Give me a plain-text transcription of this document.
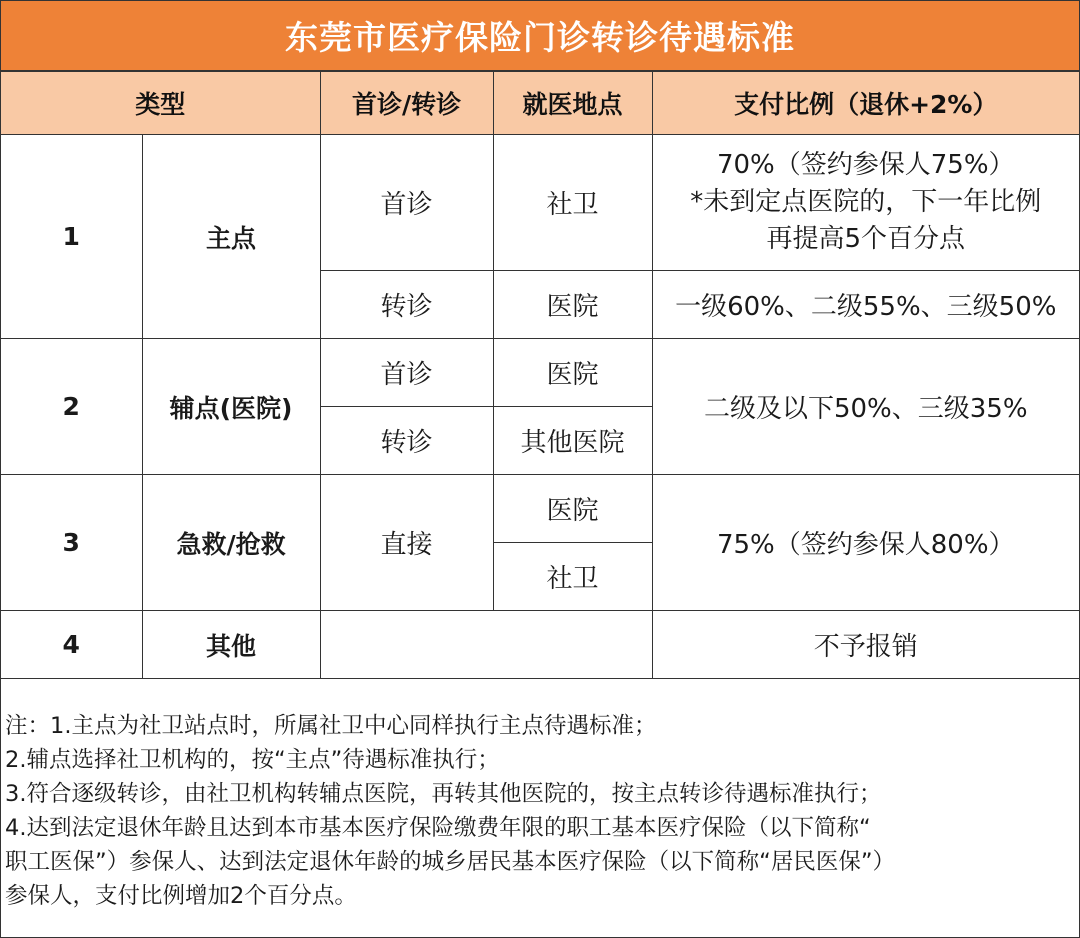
东莞市医疗保险门诊转诊待遇标准
类型		首诊/转诊	就医地点	支付比例（退休+2%）
1	主点	首诊	社卫	70%（签约参保人75%）
*未到定点医院的，下一年比例
再提高5个百分点

		转诊	医院	一级60%、二级55%、三级50%
2	辅点(医院)	首诊	医院	二级及以下50%、三级35%
		转诊	其他医院	
3	急救/抢救	直接	医院	75%（签约参保人80%）
			社卫	
4	其他			不予报销

注：1.主点为社卫站点时，所属社卫中心同样执行主点待遇标准；

2.辅点选择社卫机构的，按“主点”待遇标准执行；

3.符合逐级转诊，由社卫机构转辅点医院，再转其他医院的，按主点转诊待遇标准执行；

4.达到法定退休年龄且达到本市基本医疗保险缴费年限的职工基本医疗保险（以下简称“

职工医保”）参保人、达到法定退休年龄的城乡居民基本医疗保险（以下简称“居民医保”）

参保人，支付比例增加2个百分点。
